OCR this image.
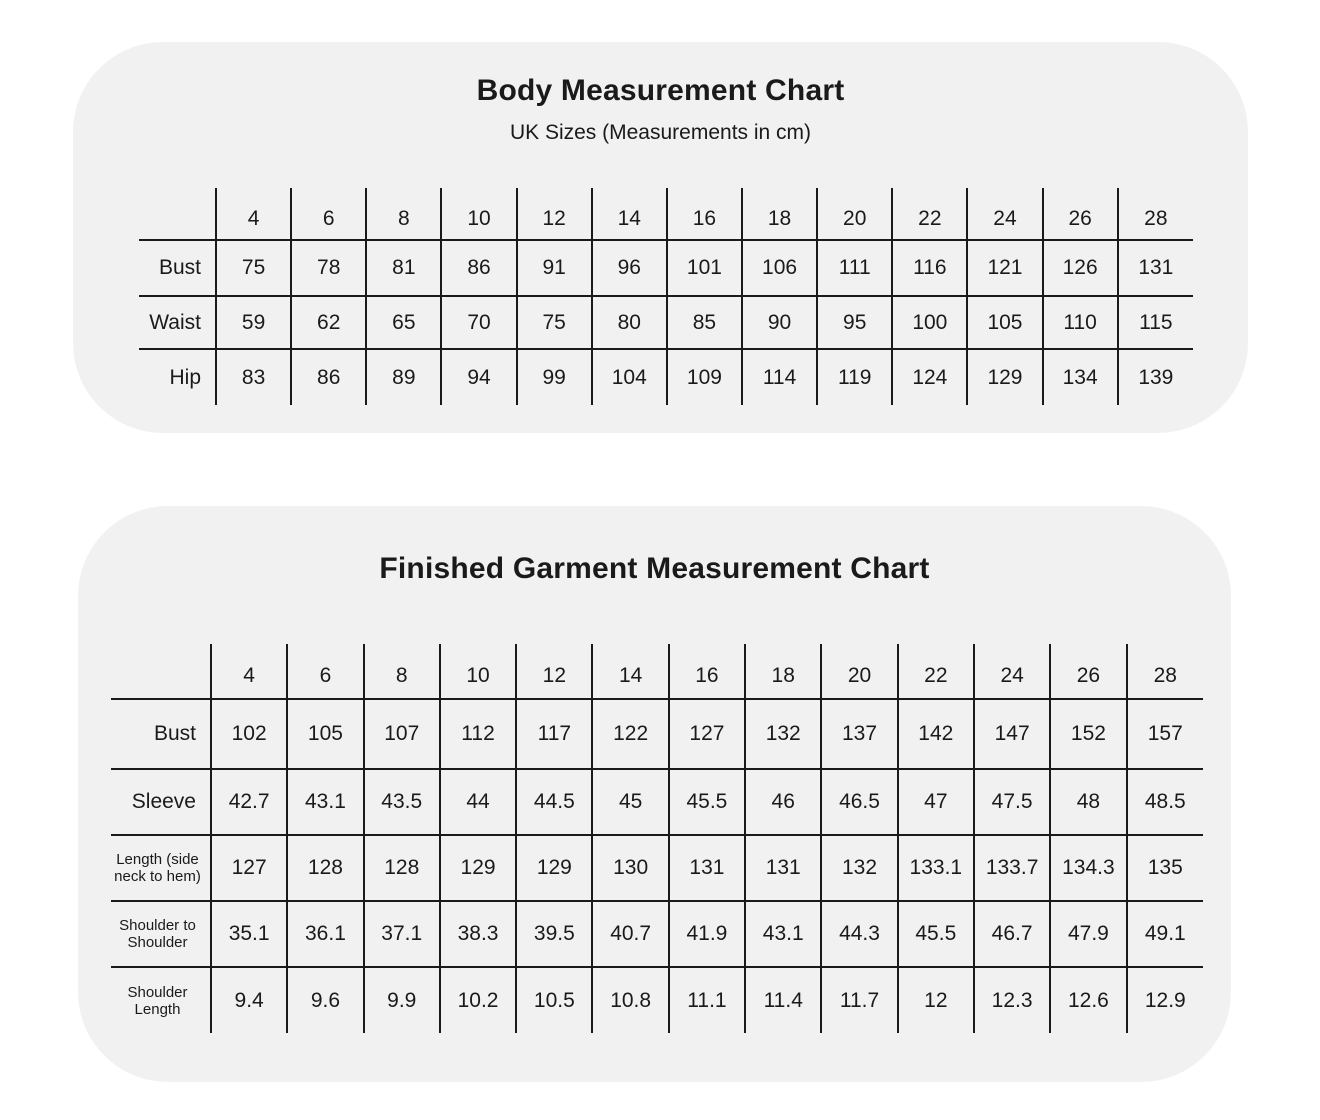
Body Measurement Chart
UK Sizes (Measurements in cm)
	4	6	8	10	12	14	16	18	20	22	24	26	28
Bust	75	78	81	86	91	96	101	106	111	116	121	126	131
Waist	59	62	65	70	75	80	85	90	95	100	105	110	115
Hip	83	86	89	94	99	104	109	114	119	124	129	134	139
Finished Garment Measurement Chart
	4	6	8	10	12	14	16	18	20	22	24	26	28
Bust	102	105	107	112	117	122	127	132	137	142	147	152	157
Sleeve	42.7	43.1	43.5	44	44.5	45	45.5	46	46.5	47	47.5	48	48.5
Length (side neck to hem)	127	128	128	129	129	130	131	131	132	133.1	133.7	134.3	135
Shoulder to Shoulder	35.1	36.1	37.1	38.3	39.5	40.7	41.9	43.1	44.3	45.5	46.7	47.9	49.1
Shoulder Length	9.4	9.6	9.9	10.2	10.5	10.8	11.1	11.4	11.7	12	12.3	12.6	12.9
